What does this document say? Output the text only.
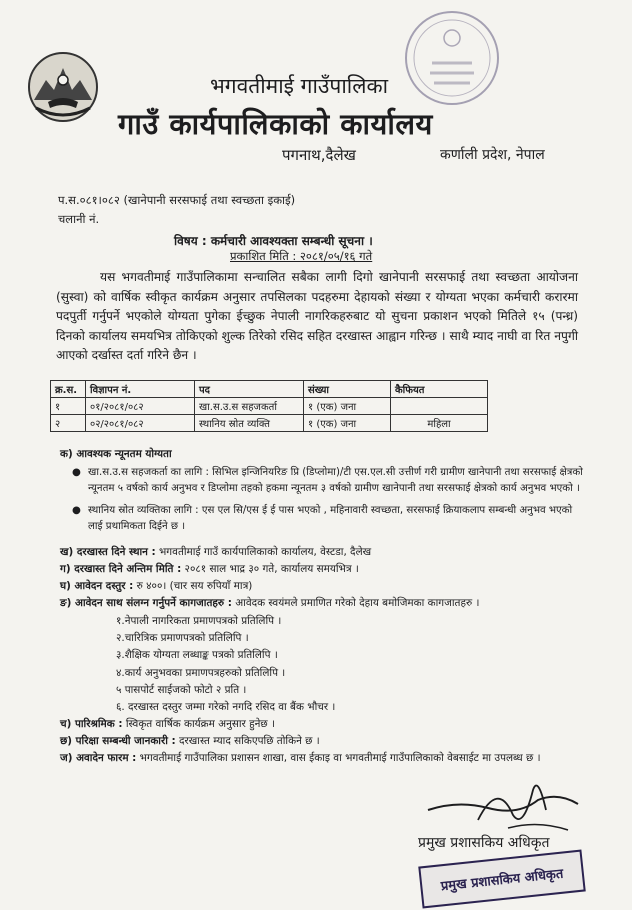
भगवतीमाई गाउँपालिका
गाउँ कार्यपालिकाको कार्यालय
पगनाथ,दैलेख	कर्णाली प्रदेश, नेपाल
प.स.०८१।०८२ (खानेपानी सरसफाई तथा स्वच्छता इकाई)
चलानी नं.
विषय : कर्मचारी आवश्यक्ता सम्बन्धी सूचना ।
प्रकाशित मिति : २०८१/०५/१६ गते
यस भगवतीमाई गाउँपालिकामा सन्चालित सबैका लागी दिगो खानेपानी सरसफाई तथा स्वच्छता आयोजना (सुस्वा) को वार्षिक स्वीकृत कार्यक्रम अनुसार तपसिलका पदहरुमा देहायको संख्या र योग्यता भएका कर्मचारी करारमा पदपुर्ती गर्नुपर्ने भएकोले योग्यता पुगेका ईच्छुक नेपाली नागरिकहरुबाट यो सुचना प्रकाशन भएको मितिले १५ (पन्ध्र) दिनको कार्यालय समयभित्र तोकिएको शुल्क तिरेको रसिद सहित दरखास्त आह्वान गरिन्छ । साथै म्याद नाघी वा रित नपुगी आएको दर्खास्त दर्ता गरिने छैन ।
क्र.स.	विज्ञापन नं.	पद	संख्या	कैफियत
१	०१/२०८१/०८२	खा.स.उ.स सहजकर्ता	१ (एक) जना	
२	०२/२०८१/०८२	स्थानिय स्रोत व्यक्ति	१ (एक) जना	महिला
क) आवश्यक न्यूनतम योग्यता
● खा.स.उ.स सहजकर्ता का लागि : सिभिल इन्जिनियरिङ प्रि (डिप्लोमा)/टी एस.एल.सी उत्तीर्ण गरी ग्रामीण खानेपानी तथा सरसफाई क्षेत्रको न्यूनतम ५ वर्षको कार्य अनुभव र डिप्लोमा तहको हकमा न्यूनतम ३ वर्षको ग्रामीण खानेपानी तथा सरसफाई क्षेत्रको कार्य अनुभव भएको ।
● स्थानिय स्रोत व्यक्तिका लागि : एस एल सि/एस ई ई पास भएको , महिनावारी स्वच्छता, सरसफाई क्रियाकलाप सम्बन्धी अनुभव भएको लाई प्रथामिकता दिईने छ ।
ख) दरखास्त दिने स्थान : भगवतीमाई गाउँ कार्यपालिकाको कार्यालय, वेस्टडा, दैलेख
ग) दरखास्त दिने अन्तिम मिति : २०८१ साल भाद्र ३० गते, कार्यालय समयभित्र ।
घ) आवेदन दस्तुर : रु ४००। (चार सय रुपियाँ मात्र)
ङ) आवेदन साथ संलग्न गर्नुपर्ने कागजातहरु : आवेदक स्वयंमले प्रमाणित गरेको देहाय बमोजिमका कागजातहरु ।
१.नेपाली नागरिकता प्रमाणपत्रको प्रतिलिपि ।
२.चारित्रिक प्रमाणपत्रको प्रतिलिपि ।
३.शैक्षिक योग्यता लब्धाङ्क पत्रको प्रतिलिपि ।
४.कार्य अनुभवका प्रमाणपत्रहरुको प्रतिलिपि ।
५ पासपोर्ट साईजको फोटो २ प्रति ।
६. दरखास्त दस्तुर जम्मा गरेको नगदि रसिद वा बैंक भौचर ।
च) पारिश्रमिक : स्विकृत वार्षिक कार्यक्रम अनुसार हुनेछ ।
छ) परिक्षा सम्बन्धी जानकारी : दरखास्त म्याद सकिएपछि तोकिने छ ।
ज) अवादेन फारम : भगवतीमाई गाउँपालिका प्रशासन शाखा, वास ईकाइ वा भगवतीमाई गाउँपालिकाको वेबसाईट मा उपलब्ध छ ।
प्रमुख प्रशासकिय अधिकृत
प्रमुख प्रशासकिय अधिकृत
